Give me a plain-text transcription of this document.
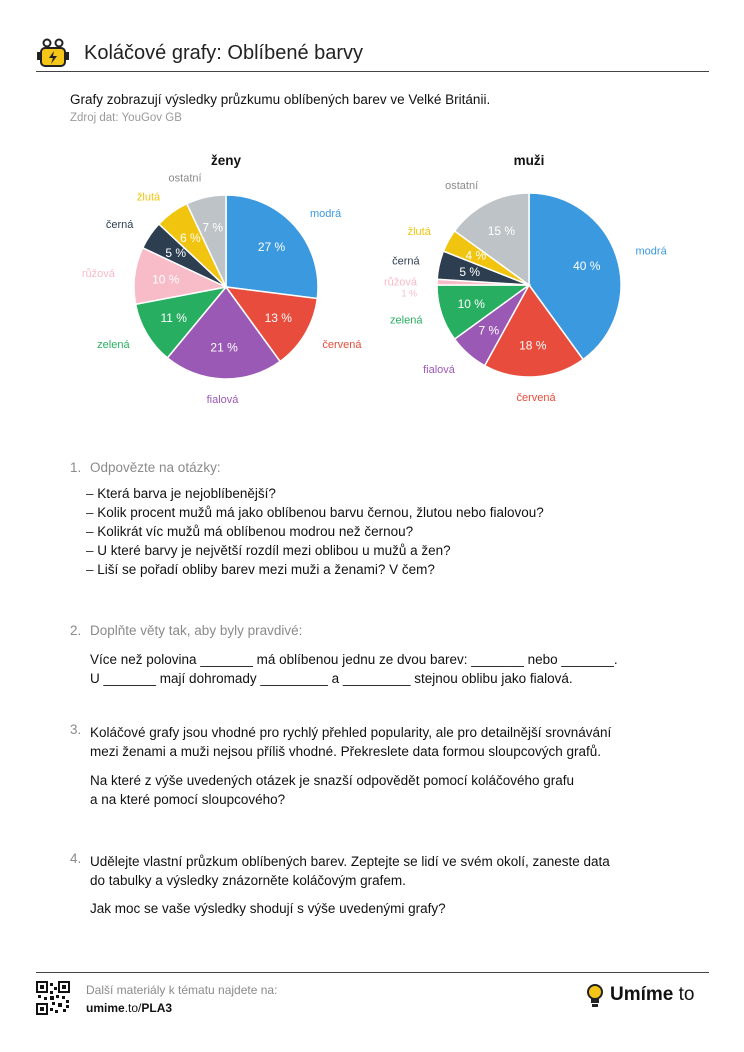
Koláčové grafy: Oblíbené barvy
Grafy zobrazují výsledky průzkumu oblíbených barev ve Velké Británii.
Zdroj dat: YouGov GB
ženy
modrá
27 %
červená
13 %
fialová
21 %
zelená
11 %
růžová	10 %
černá
5 %
žlutá
6 %
ostatní
7 %
muži
modrá
40 %
červená
18 %
fialová
7 %
zelená
10 %
růžová
1 %
černá
5 %
žlutá
4 %
ostatní
15 %
1. Odpovězte na otázky:
– Která barva je nejoblíbenější?
– Kolik procent mužů má jako oblíbenou barvu černou, žlutou nebo fialovou?
– Kolikrát víc mužů má oblíbenou modrou než černou?
– U které barvy je největší rozdíl mezi oblibou u mužů a žen?
– Liší se pořadí obliby barev mezi muži a ženami? V čem?
2. Doplňte věty tak, aby byly pravdivé:
Více než polovina _______ má oblíbenou jednu ze dvou barev: _______ nebo _______.
U _______ mají dohromady _________ a _________ stejnou oblibu jako fialová.
3. Koláčové grafy jsou vhodné pro rychlý přehled popularity, ale pro detailnější srovnávání
mezi ženami a muži nejsou příliš vhodné. Překreslete data formou sloupcových grafů.
Na které z výše uvedených otázek je snazší odpovědět pomocí koláčového grafu
a na které pomocí sloupcového?
4. Udělejte vlastní průzkum oblíbených barev. Zeptejte se lidí ve svém okolí, zaneste data
do tabulky a výsledky znázorněte koláčovým grafem.
Jak moc se vaše výsledky shodují s výše uvedenými grafy?
Další materiály k tématu najdete na:
umime.to/PLA3
Umíme to
